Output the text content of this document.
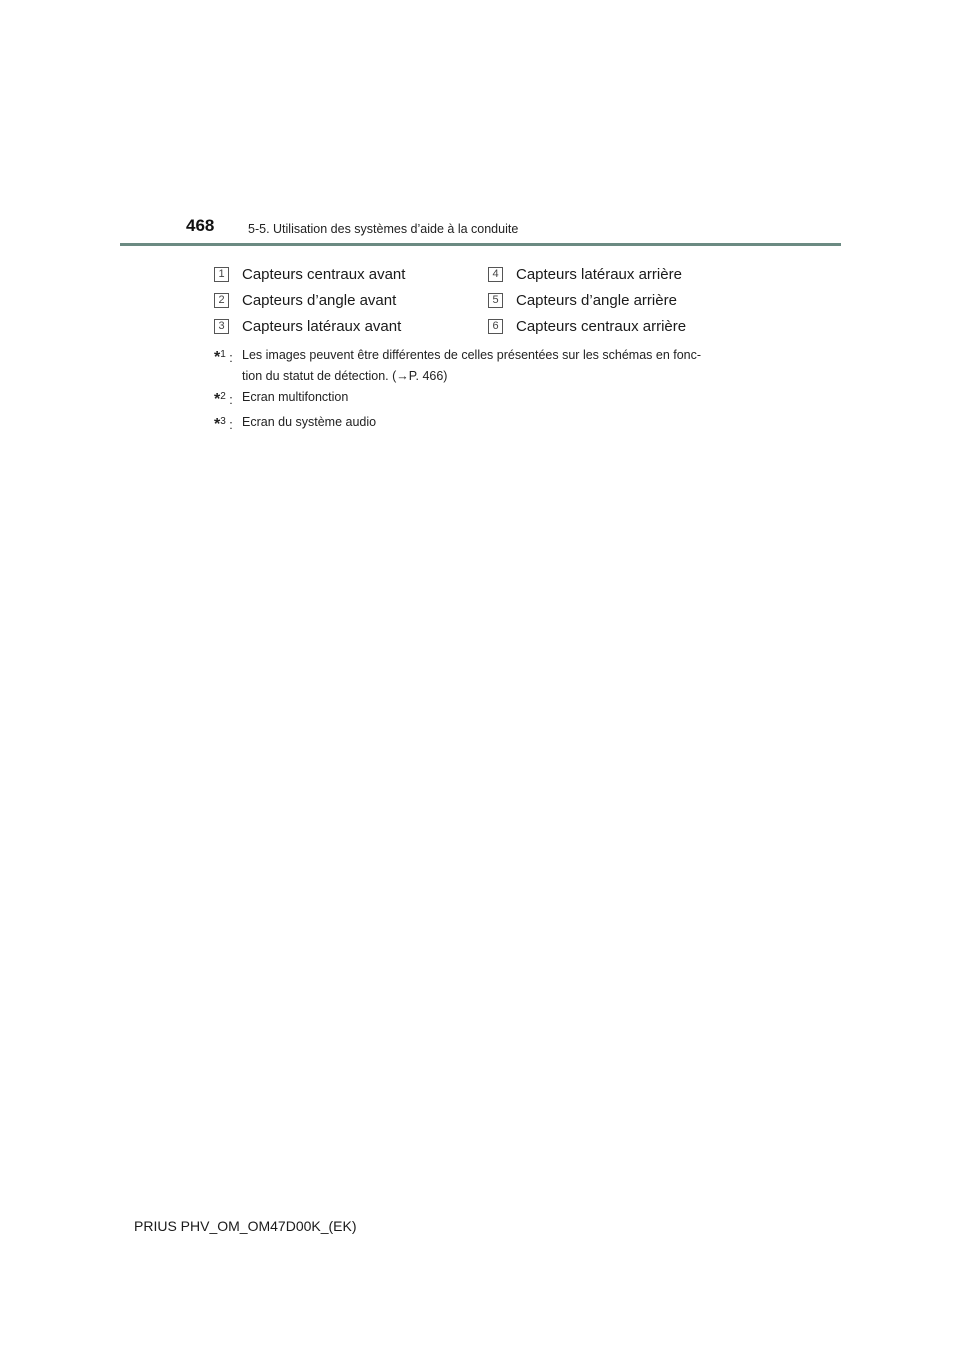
468	5-5. Utilisation des systèmes d’aide à la conduite
1 Capteurs centraux avant
2 Capteurs d’angle avant
3 Capteurs latéraux avant
4 Capteurs latéraux arrière
5 Capteurs d’angle arrière
6 Capteurs centraux arrière
*$^1$ : Les images peuvent être différentes de celles présentées sur les schémas en fonc-
tion du statut de détection. (→P. 466)
*$^2$ : Ecran multifonction
*$^3$ : Ecran du système audio
PRIUS PHV_OM_OM47D00K_(EK)
